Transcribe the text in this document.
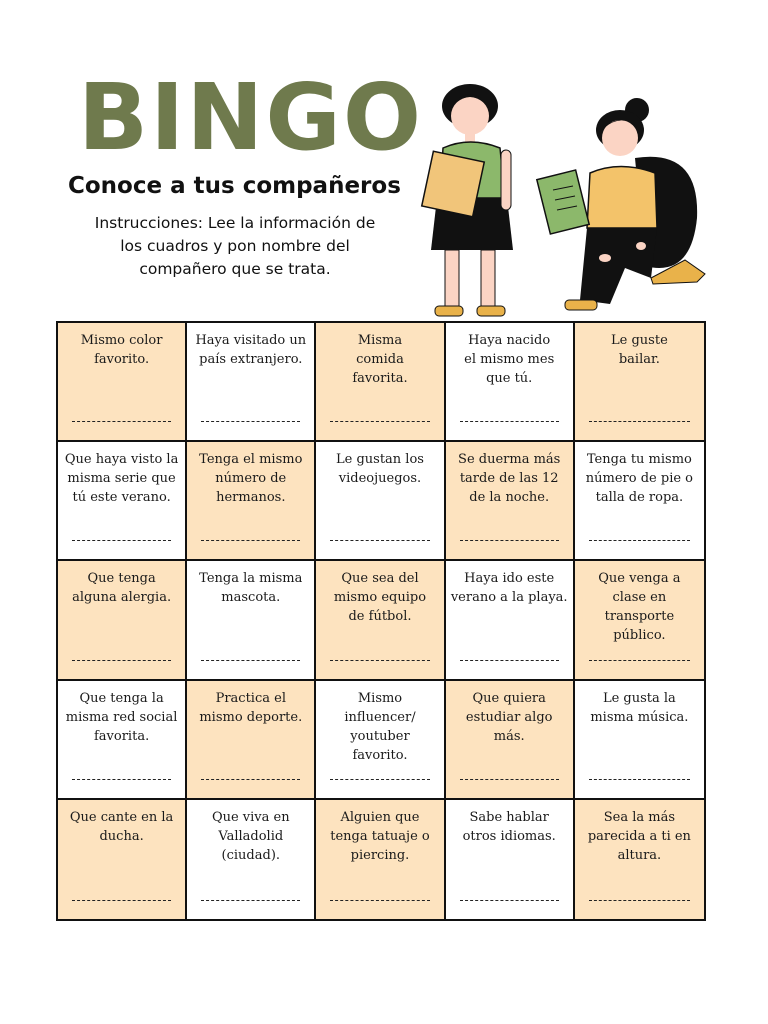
BINGO
Conoce a tus compañeros
Instrucciones: Lee la información de
los cuadros y pon nombre del
compañero que se trata.
Mismo color
favorito.
Haya visitado un
país extranjero.
Misma
comida
favorita.
Haya nacido
el mismo mes
que tú.
Le guste
bailar.
Que haya visto la
misma serie que
tú este verano.
Tenga el mismo
número de
hermanos.
Le gustan los
videojuegos.
Se duerma más
tarde de las 12
de la noche.
Tenga tu mismo
número de pie o
talla de ropa.
Que tenga
alguna alergia.
Tenga la misma
mascota.
Que sea del
mismo equipo
de fútbol.
Haya ido este
verano a la playa.
Que venga a
clase en
transporte
público.
Que tenga la
misma red social
favorita.
Practica el
mismo deporte.
Mismo
influencer/
youtuber
favorito.
Que quiera
estudiar algo
más.
Le gusta la
misma música.
Que cante en la
ducha.
Que viva en
Valladolid
(ciudad).
Alguien que
tenga tatuaje o
piercing.
Sabe hablar
otros idiomas.
Sea la más
parecida a ti en
altura.
